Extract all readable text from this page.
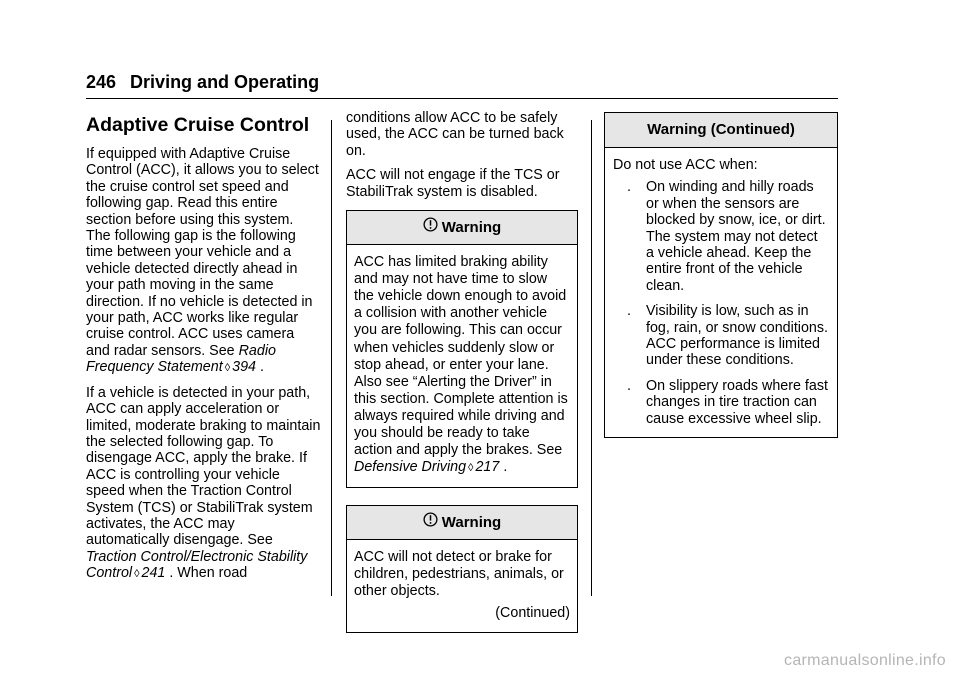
246 Driving and Operating
Adaptive Cruise Control

If equipped with Adaptive Cruise Control (ACC), it allows you to select the cruise control set speed and following gap. Read this entire section before using this system. The following gap is the following time between your vehicle and a vehicle detected directly ahead in your path moving in the same direction. If no vehicle is detected in your path, ACC works like regular cruise control. ACC uses camera and radar sensors. See Radio Frequency Statement ◊ 394 .

If a vehicle is detected in your path, ACC can apply acceleration or limited, moderate braking to maintain the selected following gap. To disengage ACC, apply the brake. If ACC is controlling your vehicle speed when the Traction Control System (TCS) or StabiliTrak system activates, the ACC may automatically disengage. See Traction Control/Electronic Stability Control ◊ 241 . When road

conditions allow ACC to be safely used, the ACC can be turned back on.

ACC will not engage if the TCS or StabiliTrak system is disabled.

Warning
ACC has limited braking ability and may not have time to slow the vehicle down enough to avoid a collision with another vehicle you are following. This can occur when vehicles suddenly slow or stop ahead, or enter your lane. Also see “Alerting the Driver” in this section. Complete attention is always required while driving and you should be ready to take action and apply the brakes. See Defensive Driving ◊ 217 .
Warning
ACC will not detect or brake for children, pedestrians, animals, or other objects.
(Continued)
Warning (Continued)
Do not use ACC when:
. On winding and hilly roads or when the sensors are blocked by snow, ice, or dirt. The system may not detect a vehicle ahead. Keep the entire front of the vehicle clean.
. Visibility is low, such as in fog, rain, or snow conditions. ACC performance is limited under these conditions.
. On slippery roads where fast changes in tire traction can cause excessive wheel slip.
carmanualsonline.info
